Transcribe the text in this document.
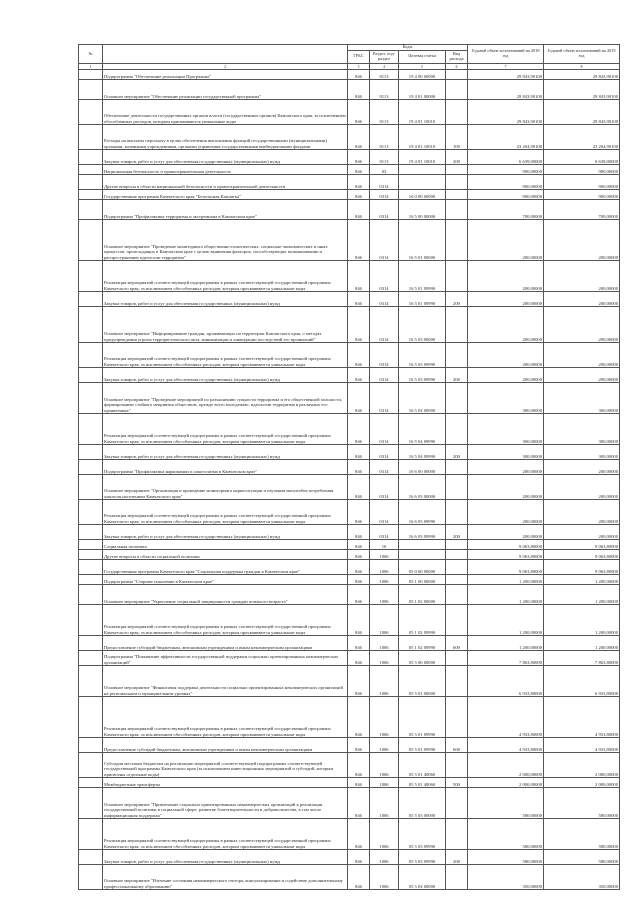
№		Коды				Годовой объем ассигнований на 2018 год	Годовой объем ассигнований на 2019 год
		ГРБС	Раздел, под-раздел	Целевая статья	Вид расхода		
1	2	3	4	5	6	7	8
	Подпрограмма "Обеспечение реализации Программы"	846	0113	19 4 00 00000		29 843,90100	29 843,90100
	Основное мероприятие "Обеспечение реализации государственной программы"	846	0113	19 4 01 00000		29 843,90100	29 843,90100
	Обеспечение деятельности государственных органов власти (государственных органов) Камчатского края, за исключением обособленных расходов, которым присваиваются уникальные коды	846	0113	19 4 01 10010		29 843,90100	29 843,90100
	Расходы на выплаты персоналу в целях обеспечения выполнения функций государственными (муниципальными) органами, казенными учреждениями, органами управления государственными внебюджетными фондами	846	0113	19 4 01 10010	100	23 204,90100	23 204,90100
	Закупка товаров, работ и услуг для обеспечения государственных (муниципальных) нужд	846	0113	19 4 01 10010	200	6 639,00000	6 639,00000
	Национальная безопасность и правоохранительная деятельность	846	03			900,00000	900,00000
	Другие вопросы в области национальной безопасности и правоохранительной деятельности	846	0314			900,00000	900,00000
	Государственная программа Камчатского края "Безопасная Камчатка"	846	0314	16 0 00 00000		900,00000	900,00000
	Подпрограмма "Профилактика терроризма и экстремизма в Камчатском крае"	846	0314	16 5 00 00000		700,00000	700,00000
	Основное мероприятие "Проведение мониторинга общественно-политических, социально-экономических и иных процессов, происходящих в Камчатском крае с целью выявления факторов, способствующих возникновению и распространению идеологии терроризма"	846	0314	16 5 01 00000		200,00000	200,00000
	Реализация мероприятий соответствующей подпрограммы в рамках соответствующей государственной программы Камчатского края, за исключением обособленных расходов, которым присваиваются уникальные коды	846	0314	16 5 01 09990		200,00000	200,00000
	Закупка товаров, работ и услуг для обеспечения государственных (муниципальных) нужд	846	0314	16 5 01 09990	200	200,00000	200,00000
	Основное мероприятие "Информирование граждан, проживающих на территории Камчатского края, о методах предупреждения угрозы террористического акта, минимизации и ликвидации последствий его проявлений"	846	0314	16 5 03 00000		200,00000	200,00000
	Реализация мероприятий соответствующей подпрограммы в рамках соответствующей государственной программы Камчатского края, за исключением обособленных расходов, которым присваиваются уникальные коды	846	0314	16 5 03 09990		200,00000	200,00000
	Закупка товаров, работ и услуг для обеспечения государственных (муниципальных) нужд	846	0314	16 5 03 09990	200	200,00000	200,00000
	Основное мероприятие "Проведение мероприятий по разъяснению сущности терроризма и его общественной опасности, формированию стойкого неприятия обществом, прежде всего молодежью, идеологии терроризма в различных его проявлениях"	846	0314	16 5 04 00000		300,00000	300,00000
	Реализация мероприятий соответствующей подпрограммы в рамках соответствующей государственной программы Камчатского края, за исключением обособленных расходов, которым присваиваются уникальные коды	846	0314	16 5 04 09990		300,00000	300,00000
	Закупка товаров, работ и услуг для обеспечения государственных (муниципальных) нужд	846	0314	16 5 04 09990	200	300,00000	300,00000
	Подпрограмма "Профилактика наркомании и алкоголизма в Камчатском крае"	846	0314	16 6 00 00000		200,00000	200,00000
	Основное мероприятие "Организация и проведение мониторинга наркоситуации и изучения масштабов потребления алкоголя населением Камчатского края"	846	0314	16 6 03 00000		200,00000	200,00000
	Реализация мероприятий соответствующей подпрограммы в рамках соответствующей государственной программы Камчатского края, за исключением обособленных расходов, которым присваиваются уникальные коды	846	0314	16 6 03 09990		200,00000	200,00000
	Закупка товаров, работ и услуг для обеспечения государственных (муниципальных) нужд	846	0314	16 6 03 09990	200	200,00000	200,00000
	Социальная политика	846	10			9 063,80000	9 063,80000
	Другие вопросы в области социальной политики	846	1006			9 063,80000	9 063,80000
	Государственная программа Камчатского края "Социальная поддержка граждан в Камчатском крае"	846	1006	05 0 00 00000		9 063,80000	9 063,80000
	Подпрограмма "Старшее поколение в Камчатском крае"	846	1006	05 1 00 00000		1 200,00000	1 200,00000
	Основное мероприятие "Укрепление социальной защищенности граждан пожилого возраста"	846	1006	05 1 02 00000		1 200,00000	1 200,00000
	Реализация мероприятий соответствующей подпрограммы в рамках соответствующей государственной программы Камчатского края, за исключением обособленных расходов, которым присваиваются уникальные коды	846	1006	05 1 02 09990		1 200,00000	1 200,00000
	Предоставление субсидий бюджетным, автономным учреждениям и иным некоммерческим организациям	846	1006	05 1 02 09990	600	1 200,00000	1 200,00000
	Подпрограмма "Повышение эффективности государственной поддержки социально ориентированных некоммерческих организаций"	846	1006	05 5 00 00000		7 863,80000	7 863,80000
	Основное мероприятие "Финансовая поддержка деятельности социально ориентированных некоммерческих организаций на региональном и муниципальном уровнях"	846	1006	05 5 01 00000		6 933,80000	6 933,80000
	Реализация мероприятий соответствующей подпрограммы в рамках соответствующей государственной программы Камчатского края, за исключением обособленных расходов, которым присваиваются уникальные коды	846	1006	05 5 01 09990		4 933,80000	4 933,80000
	Предоставление субсидий бюджетным, автономным учреждениям и иным некоммерческим организациям	846	1006	05 5 01 09990	600	4 933,80000	4 933,80000
	Субсидии местным бюджетам на реализацию мероприятий соответствующей подпрограммы соответствующей государственной программы Камчатского края (за исключением инвестиционных мероприятий и субсидий, которым присвоены отдельные коды)	846	1006	05 5 01 40060		2 000,00000	2 000,00000
	Межбюджетные трансферты	846	1006	05 5 01 40060	500	2 000,00000	2 000,00000
	Основное мероприятие "Привлечение социально ориентированных некоммерческих организаций к реализации государственной политики в социальной сфере, развитие благотворительности и добровольчества, в том числе информационная поддержка"	846	1006	05 5 03 00000		580,00000	580,00000
	Реализация мероприятий соответствующей подпрограммы в рамках соответствующей государственной программы Камчатского края, за исключением обособленных расходов, которым присваиваются уникальные коды	846	1006	05 5 03 09990		580,00000	580,00000
	Закупка товаров, работ и услуг для обеспечения государственных (муниципальных) нужд	846	1006	05 5 03 09990	200	580,00000	580,00000
	Основное мероприятие "Изучение состояния некоммерческого сектора, консультирование и содействие дополнительному профессиональному образованию"	846	1006	05 5 04 00000		350,00000	350,00000
